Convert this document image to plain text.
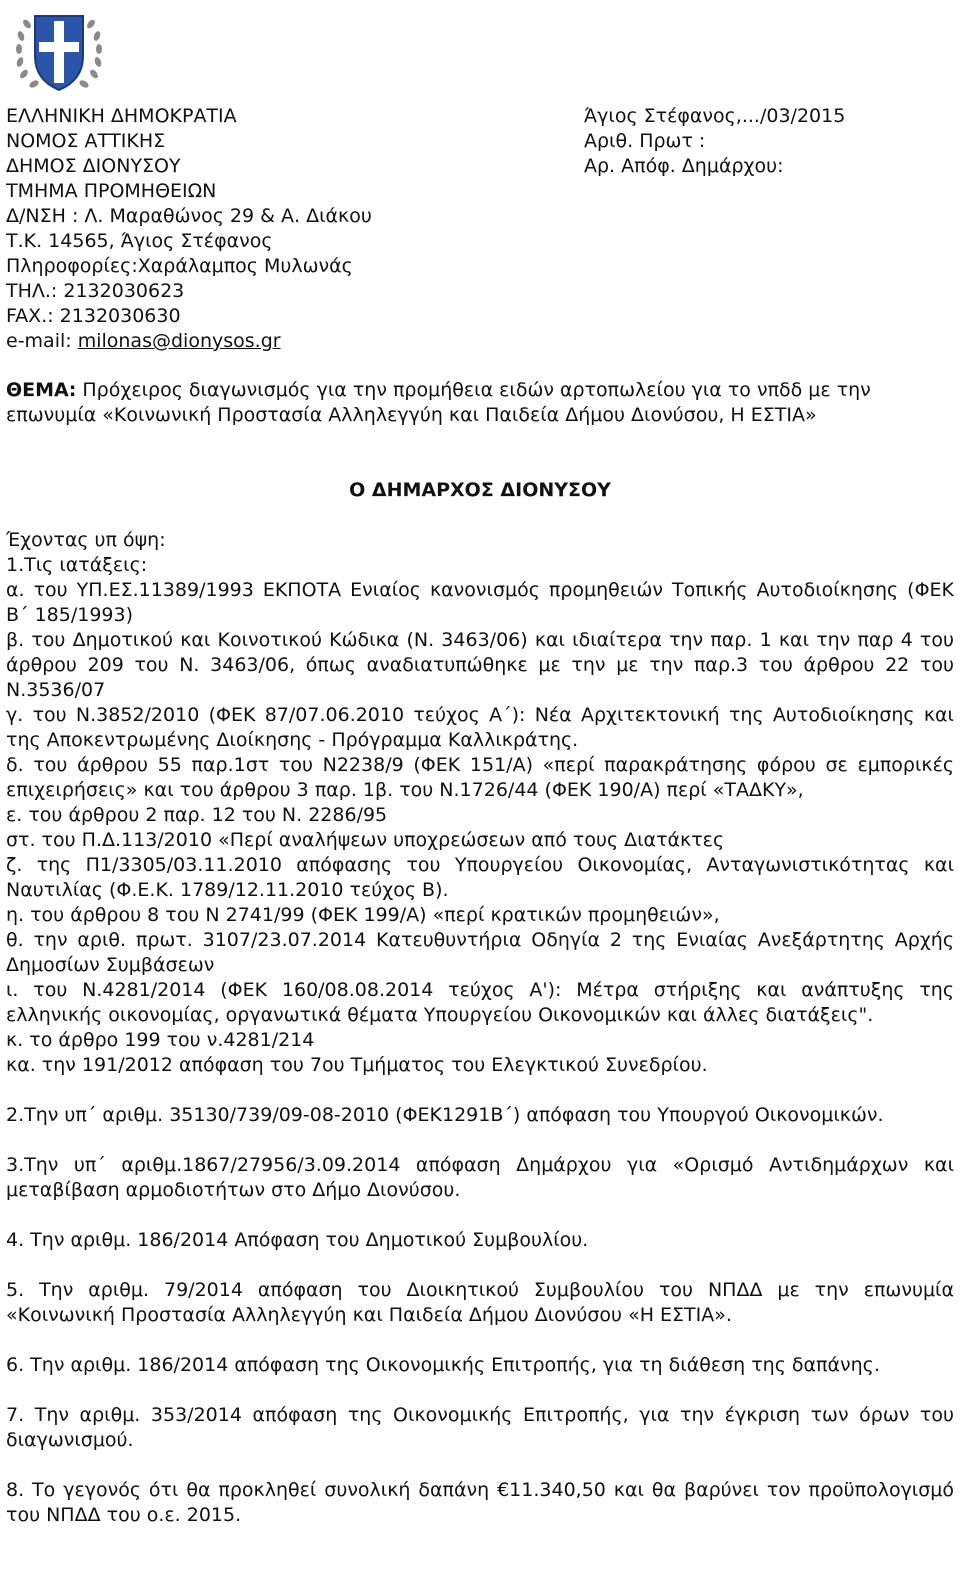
ΕΛΛΗΝΙΚΗ ΔΗΜΟΚΡΑΤΙΑ
ΝΟΜΟΣ ΑΤΤΙΚΗΣ
ΔΗΜΟΣ ΔΙΟΝΥΣΟΥ
ΤΜΗΜΑ ΠΡΟΜΗΘΕΙΩΝ
Δ/ΝΣΗ : Λ. Μαραθώνος 29 & Α. Διάκου
Τ.Κ. 14565, Άγιος Στέφανος
Πληροφορίες:Χαράλαμπος Μυλωνάς
ΤΗΛ.: 2132030623
FAX.: 2132030630
e-mail: milonas@dionysos.gr
Άγιος Στέφανος,.../03/2015
Αριθ. Πρωτ :
Αρ. Απόφ. Δημάρχου:
ΘΕΜΑ: Πρόχειρος διαγωνισμός για την προμήθεια ειδών αρτοπωλείου για το νπδδ με την επωνυμία «Κοινωνική Προστασία Αλληλεγγύη και Παιδεία Δήμου Διονύσου, Η ΕΣΤΙΑ»
Ο ΔΗΜΑΡΧΟΣ ΔΙΟΝΥΣΟΥ

Έχοντας υπ όψη:

1.Τις ιατάξεις:

α. του ΥΠ.ΕΣ.11389/1993 ΕΚΠΟΤΑ Ενιαίος κανονισμός προμηθειών Τοπικής Αυτοδιοίκησης (ΦΕΚ Β΄ 185/1993)

β. του Δημοτικού και Κοινοτικού Κώδικα (Ν. 3463/06) και ιδιαίτερα την παρ. 1 και την παρ 4 του άρθρου 209 του Ν. 3463/06, όπως αναδιατυπώθηκε με την με την παρ.3 του άρθρου 22 του Ν.3536/07

γ. του Ν.3852/2010 (ΦΕΚ 87/07.06.2010 τεύχος Α΄): Νέα Αρχιτεκτονική της Αυτοδιοίκησης και της Αποκεντρωμένης Διοίκησης - Πρόγραμμα Καλλικράτης.

δ. του άρθρου 55 παρ.1στ του Ν2238/9 (ΦΕΚ 151/Α) «περί παρακράτησης φόρου σε εμπορικές επιχειρήσεις» και του άρθρου 3 παρ. 1β. του Ν.1726/44 (ΦΕΚ 190/Α) περί «ΤΑΔΚΥ»,

ε. του άρθρου 2 παρ. 12 του Ν. 2286/95

στ. του Π.Δ.113/2010 «Περί αναλήψεων υποχρεώσεων από τους Διατάκτες

ζ. της Π1/3305/03.11.2010 απόφασης του Υπουργείου Οικονομίας, Ανταγωνιστικότητας και Ναυτιλίας (Φ.Ε.Κ. 1789/12.11.2010 τεύχος Β).

η. του άρθρου 8 του Ν 2741/99 (ΦΕΚ 199/Α) «περί κρατικών προμηθειών»,

θ. την αριθ. πρωτ. 3107/23.07.2014 Κατευθυντήρια Οδηγία 2 της Ενιαίας Ανεξάρτητης Αρχής Δημοσίων Συμβάσεων

ι. του Ν.4281/2014 (ΦΕΚ 160/08.08.2014 τεύχος Α'): Μέτρα στήριξης και ανάπτυξης της ελληνικής οικονομίας, οργανωτικά θέματα Υπουργείου Οικονομικών και άλλες διατάξεις".

κ. το άρθρο 199 του ν.4281/214

κα. την 191/2012 απόφαση του 7ου Τμήματος του Ελεγκτικού Συνεδρίου.

2.Την υπ΄ αριθμ. 35130/739/09-08-2010 (ΦΕΚ1291Β΄) απόφαση του Υπουργού Οικονομικών.

3.Την υπ΄ αριθμ.1867/27956/3.09.2014 απόφαση Δημάρχου για «Ορισμό Αντιδημάρχων και μεταβίβαση αρμοδιοτήτων στο Δήμο Διονύσου.

4. Την αριθμ. 186/2014 Απόφαση του Δημοτικού Συμβουλίου.

5. Την αριθμ. 79/2014 απόφαση του Διοικητικού Συμβουλίου του ΝΠΔΔ με την επωνυμία «Κοινωνική Προστασία Αλληλεγγύη και Παιδεία Δήμου Διονύσου «Η ΕΣΤΙΑ».

6. Την αριθμ. 186/2014 απόφαση της Οικονομικής Επιτροπής, για τη διάθεση της δαπάνης.

7. Την αριθμ. 353/2014 απόφαση της Οικονομικής Επιτροπής, για την έγκριση των όρων του διαγωνισμού.

8. Το γεγονός ότι θα προκληθεί συνολική δαπάνη €11.340,50 και θα βαρύνει τον προϋπολογισμό του ΝΠΔΔ του ο.ε. 2015.
